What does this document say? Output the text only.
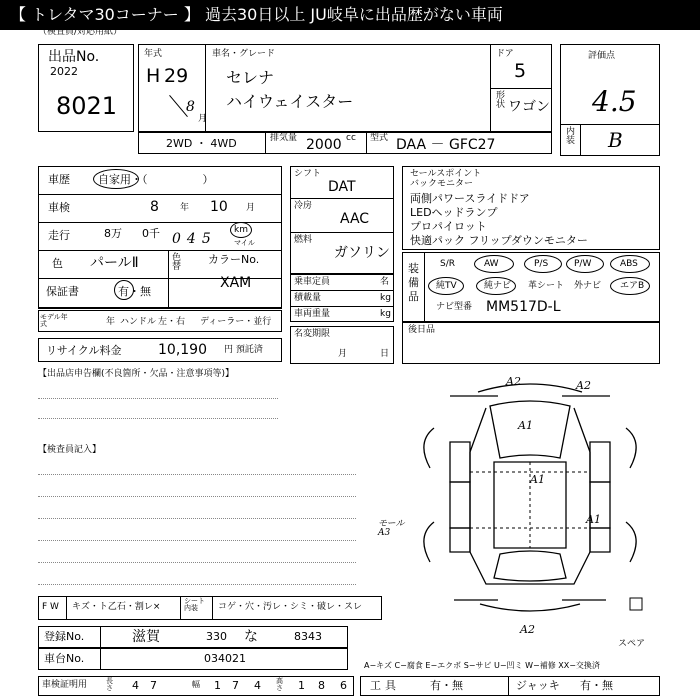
【 トレタマ30コーナー 】 過去30日以上 JU岐阜に出品歴がない車両
（検査員/対応用紙）
出品No.
2022
8021
年式
H 29
8
月
車名・グレード
セレナ
ハイウェイスター
ドア
5
形状 ワゴン
評価点
4.5
内装 B
2WD ・ 4WD	排気量 2000 cc 型式 DAA － GFC27
車歴	自家用・（　　　　　）
車検	8 年 10 月
走行	8万 0千 045
km
マイル
色 パールⅡ	色替
カラーNo.
XAM
保証書	有・無
モデル年式	年 ハンドル 左・右 ディーラー・並行
リサイクル料金	10,190 円 預託済
シフト
DAT
冷房
AAC
燃料
ガソリン
乗車定員	名
積載量	kg
車両重量	kg
名変期限
月	日
セールスポイント
バックモニター
両側パワースライドドア
LEDヘッドランプ
プロパイロット
快適パック フリップダウンモニター
装備品
S/R	AW	P/S	P/W	ABS
純TV	純ナビ 革シート 外ナビ エアB
ナビ型番 MM517D-L
後日品
【出品店申告欄(不良箇所・欠品・注意事項等)】
【検査員記入】
A2	A2
A1
A1
A1
モール A3
A2
スペア
A−キズ C−腐食 E−エクボ S−サビ U−凹ミ W−補修 XX−交換済
F W キズ・ト乙石・割レ×
シート内装	コゲ・穴・汚レ・シミ・破レ・スレ
登録No.	滋賀	330 な	8343
車台No.	034021
車検証明用	長さ 4 7	幅 1 7 4 高さ 1 8 6 工具	有・無	ジャッキ 有・無
